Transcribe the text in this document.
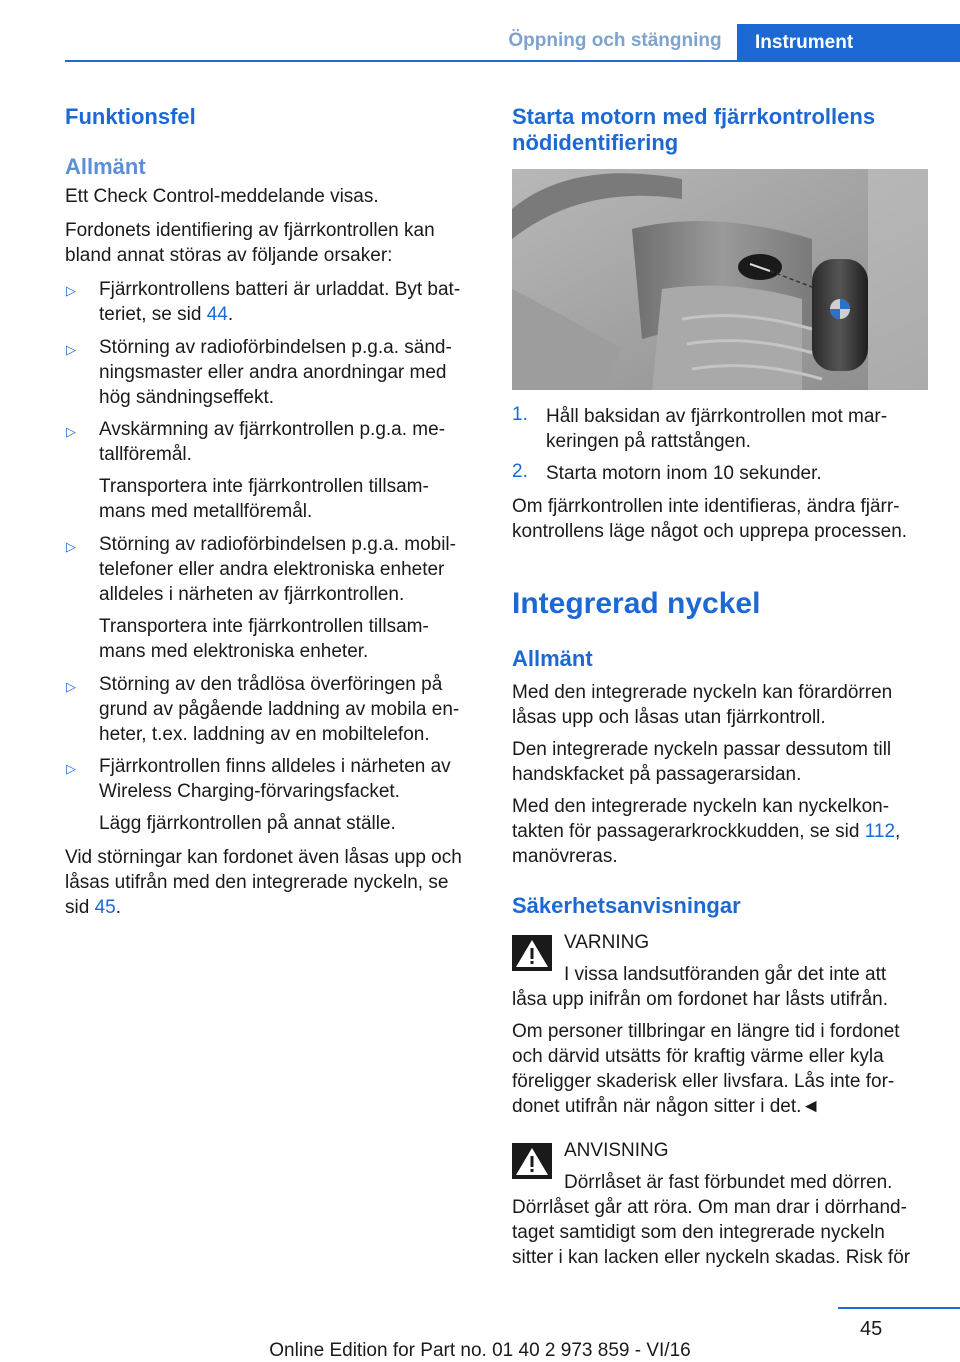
Öppning och stängning	Instrument
Funktionsfel
Allmänt
Ett Check Control-meddelande visas.
Fordonets identifiering av fjärrkontrollen kan
bland annat störas av följande orsaker:
▷ Fjärrkontrollens batteri är urladdat. Byt bat-
teriet, se sid 44.
▷ Störning av radioförbindelsen p.g.a. sänd-
ningsmaster eller andra anordningar med
hög sändningseffekt.
▷ Avskärmning av fjärrkontrollen p.g.a. me-
tallföremål.
Transportera inte fjärrkontrollen tillsam-
mans med metallföremål.
▷ Störning av radioförbindelsen p.g.a. mobil-
telefoner eller andra elektroniska enheter
alldeles i närheten av fjärrkontrollen.
Transportera inte fjärrkontrollen tillsam-
mans med elektroniska enheter.
▷ Störning av den trådlösa överföringen på
grund av pågående laddning av mobila en-
heter, t.ex. laddning av en mobiltelefon.
▷ Fjärrkontrollen finns alldeles i närheten av
Wireless Charging-förvaringsfacket.
Lägg fjärrkontrollen på annat ställe.
Vid störningar kan fordonet även låsas upp och
låsas utifrån med den integrerade nyckeln, se
sid 45.
Starta motorn med fjärrkontrollens
nödidentifiering
1. Håll baksidan av fjärrkontrollen mot mar-
keringen på rattstången.
2. Starta motorn inom 10 sekunder.
Om fjärrkontrollen inte identifieras, ändra fjärr-
kontrollens läge något och upprepa processen.
Integrerad nyckel
Allmänt
Med den integrerade nyckeln kan förardörren
låsas upp och låsas utan fjärrkontroll.
Den integrerade nyckeln passar dessutom till
handskfacket på passagerarsidan.
Med den integrerade nyckeln kan nyckelkon-
takten för passagerarkrockkudden, se sid 112,
manövreras.
Säkerhetsanvisningar
VARNING
I vissa landsutföranden går det inte att
låsa upp inifrån om fordonet har låsts utifrån.
Om personer tillbringar en längre tid i fordonet
och därvid utsätts för kraftig värme eller kyla
föreligger skaderisk eller livsfara. Lås inte for-
donet utifrån när någon sitter i det.◄
ANVISNING
Dörrlåset är fast förbundet med dörren.
Dörrlåset går att röra. Om man drar i dörrhand-
taget samtidigt som den integrerade nyckeln
sitter i kan lacken eller nyckeln skadas. Risk för
45
Online Edition for Part no. 01 40 2 973 859 - VI/16
